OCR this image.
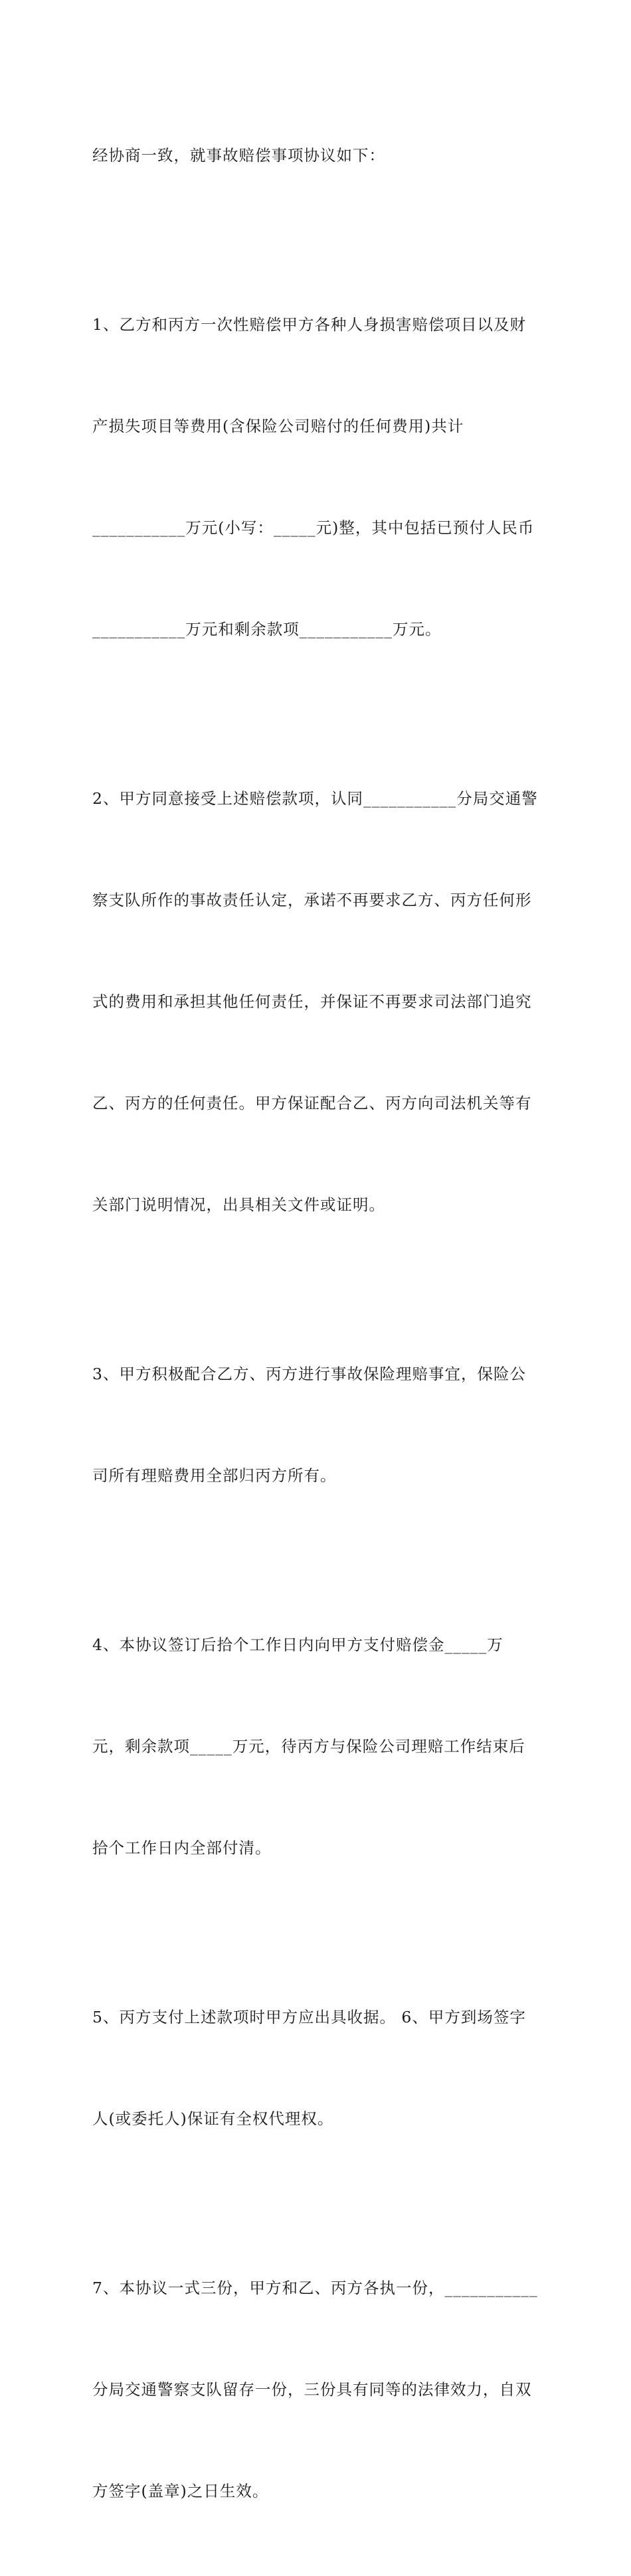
经协商一致，就事故赔偿事项协议如下：

1、乙方和丙方一次性赔偿甲方各种人身损害赔偿项目以及财

产损失项目等费用(含保险公司赔付的任何费用)共计

___________万元(小写：_____元)整，其中包括已预付人民币

___________万元和剩余款项___________万元。

2、甲方同意接受上述赔偿款项，认同___________分局交通警

察支队所作的事故责任认定，承诺不再要求乙方、丙方任何形

式的费用和承担其他任何责任，并保证不再要求司法部门追究

乙、丙方的任何责任。甲方保证配合乙、丙方向司法机关等有

关部门说明情况，出具相关文件或证明。

3、甲方积极配合乙方、丙方进行事故保险理赔事宜，保险公

司所有理赔费用全部归丙方所有。

4、本协议签订后拾个工作日内向甲方支付赔偿金_____万

元，剩余款项_____万元，待丙方与保险公司理赔工作结束后

拾个工作日内全部付清。

5、丙方支付上述款项时甲方应出具收据。 6、甲方到场签字

人(或委托人)保证有全权代理权。

7、本协议一式三份，甲方和乙、丙方各执一份，___________

分局交通警察支队留存一份，三份具有同等的法律效力，自双

方签字(盖章)之日生效。
